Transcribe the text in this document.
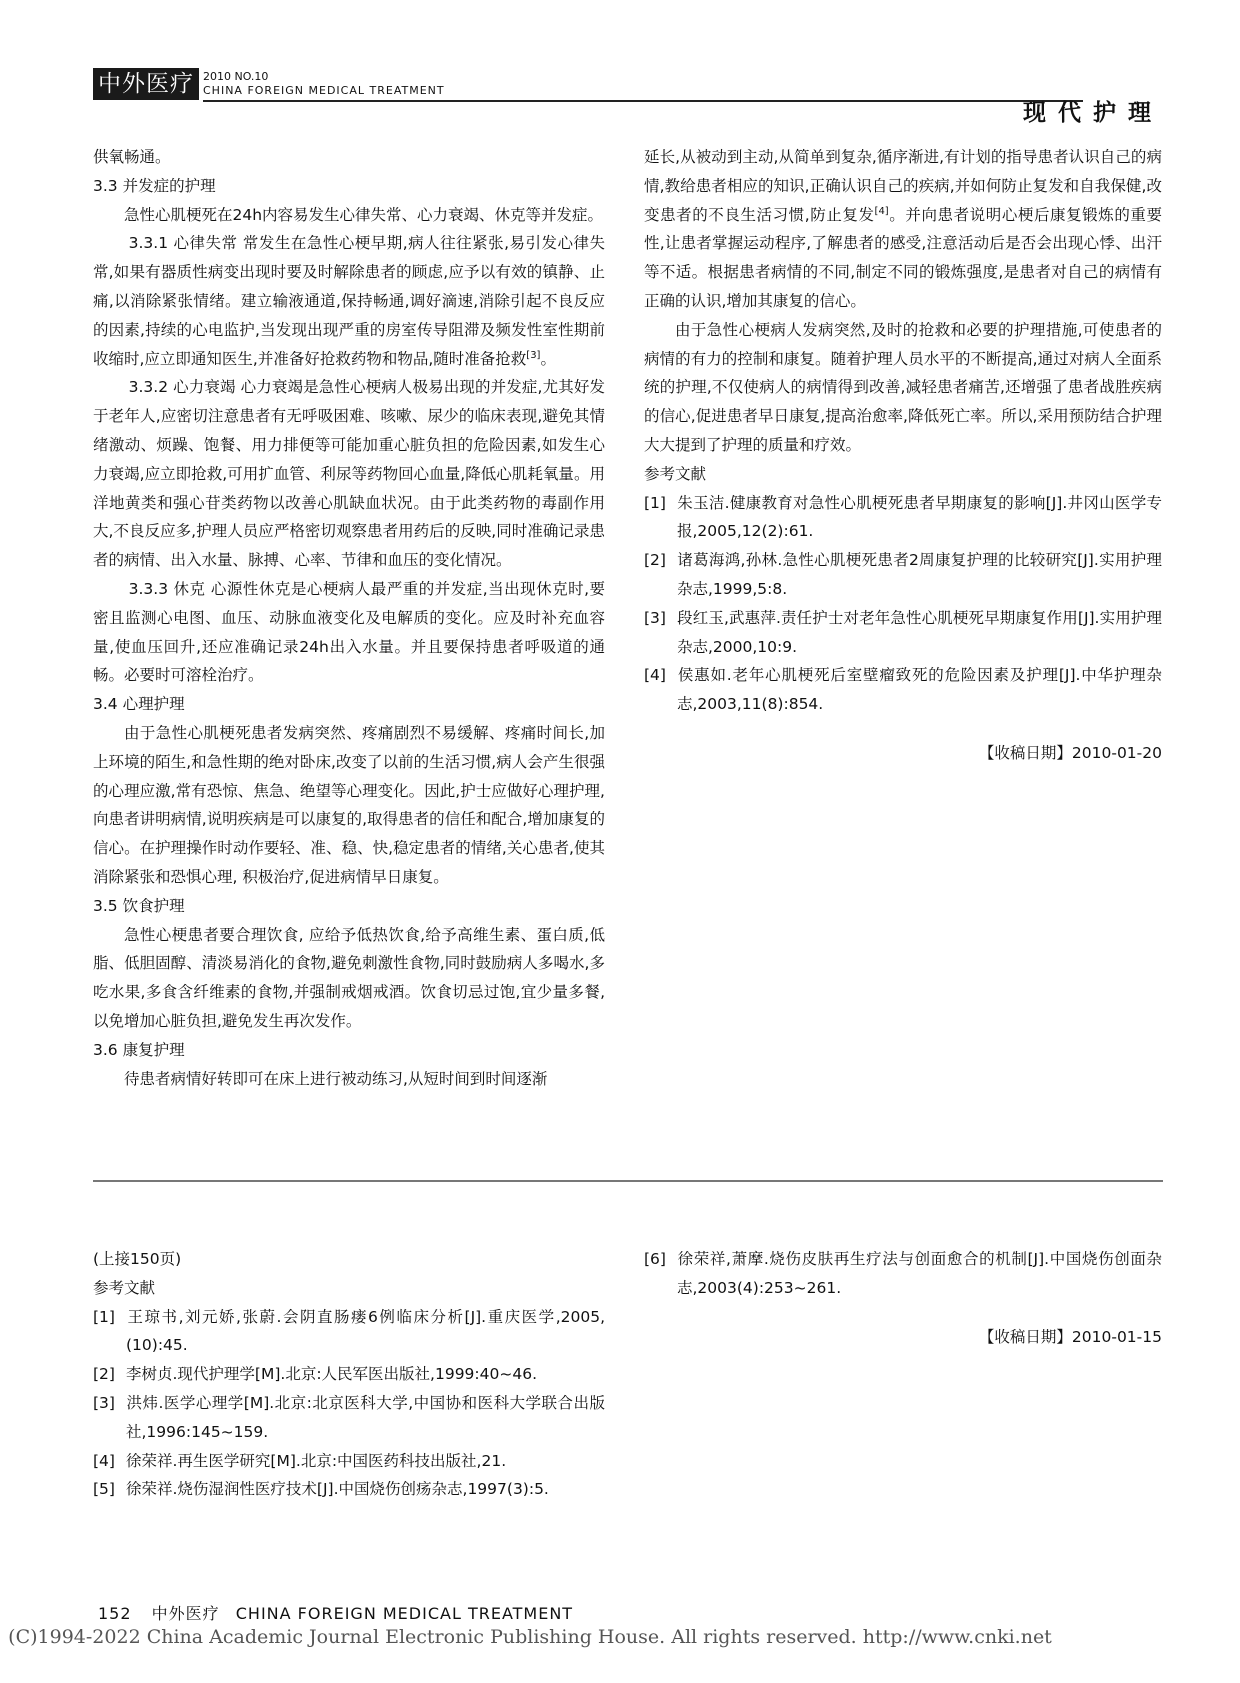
中外医疗 2010 NO.10
CHINA FOREIGN MEDICAL TREATMENT
现代护理

供氧畅通。

3.3 并发症的护理

急性心肌梗死在24h内容易发生心律失常、心力衰竭、休克等并发症。

3.3.1 心律失常 常发生在急性心梗早期,病人往往紧张,易引发心律失常,如果有器质性病变出现时要及时解除患者的顾虑,应予以有效的镇静、止痛,以消除紧张情绪。建立输液通道,保持畅通,调好滴速,消除引起不良反应的因素,持续的心电监护,当发现出现严重的房室传导阻滞及频发性室性期前收缩时,应立即通知医生,并准备好抢救药物和物品,随时准备抢救[3]。

3.3.2 心力衰竭 心力衰竭是急性心梗病人极易出现的并发症,尤其好发于老年人,应密切注意患者有无呼吸困难、咳嗽、尿少的临床表现,避免其情绪激动、烦躁、饱餐、用力排便等可能加重心脏负担的危险因素,如发生心力衰竭,应立即抢救,可用扩血管、利尿等药物回心血量,降低心肌耗氧量。用洋地黄类和强心苷类药物以改善心肌缺血状况。由于此类药物的毒副作用大,不良反应多,护理人员应严格密切观察患者用药后的反映,同时准确记录患者的病情、出入水量、脉搏、心率、节律和血压的变化情况。

3.3.3 休克 心源性休克是心梗病人最严重的并发症,当出现休克时,要密且监测心电图、血压、动脉血液变化及电解质的变化。应及时补充血容量,使血压回升,还应准确记录24h出入水量。并且要保持患者呼吸道的通畅。必要时可溶栓治疗。

3.4 心理护理

由于急性心肌梗死患者发病突然、疼痛剧烈不易缓解、疼痛时间长,加上环境的陌生,和急性期的绝对卧床,改变了以前的生活习惯,病人会产生很强的心理应激,常有恐惊、焦急、绝望等心理变化。因此,护士应做好心理护理,向患者讲明病情,说明疾病是可以康复的,取得患者的信任和配合,增加康复的信心。在护理操作时动作要轻、准、稳、快,稳定患者的情绪,关心患者,使其消除紧张和恐惧心理, 积极治疗,促进病情早日康复。

3.5 饮食护理

急性心梗患者要合理饮食, 应给予低热饮食,给予高维生素、蛋白质,低脂、低胆固醇、清淡易消化的食物,避免刺激性食物,同时鼓励病人多喝水,多吃水果,多食含纤维素的食物,并强制戒烟戒酒。饮食切忌过饱,宜少量多餐,以免增加心脏负担,避免发生再次发作。

3.6 康复护理

待患者病情好转即可在床上进行被动练习,从短时间到时间逐渐

延长,从被动到主动,从简单到复杂,循序渐进,有计划的指导患者认识自己的病情,教给患者相应的知识,正确认识自己的疾病,并如何防止复发和自我保健,改变患者的不良生活习惯,防止复发[4]。并向患者说明心梗后康复锻炼的重要性,让患者掌握运动程序,了解患者的感受,注意活动后是否会出现心悸、出汗等不适。根据患者病情的不同,制定不同的锻炼强度,是患者对自己的病情有正确的认识,增加其康复的信心。

由于急性心梗病人发病突然,及时的抢救和必要的护理措施,可使患者的病情的有力的控制和康复。随着护理人员水平的不断提高,通过对病人全面系统的护理,不仅使病人的病情得到改善,减轻患者痛苦,还增强了患者战胜疾病的信心,促进患者早日康复,提高治愈率,降低死亡率。所以,采用预防结合护理大大提到了护理的质量和疗效。

参考文献

[1] 朱玉洁.健康教育对急性心肌梗死患者早期康复的影响[J].井冈山医学专报,2005,12(2):61.

[2] 诸葛海鸿,孙林.急性心肌梗死患者2周康复护理的比较研究[J].实用护理杂志,1999,5:8.

[3] 段红玉,武惠萍.责任护士对老年急性心肌梗死早期康复作用[J].实用护理杂志,2000,10:9.

[4] 侯惠如.老年心肌梗死后室壁瘤致死的危险因素及护理[J].中华护理杂志,2003,11(8):854.

【收稿日期】2010-01-20

(上接150页)

参考文献

[1] 王琼书,刘元娇,张蔚.会阴直肠瘘6例临床分析[J].重庆医学,2005,(10):45.

[2] 李树贞.现代护理学[M].北京:人民军医出版社,1999:40~46.

[3] 洪炜.医学心理学[M].北京:北京医科大学,中国协和医科大学联合出版社,1996:145~159.

[4] 徐荣祥.再生医学研究[M].北京:中国医药科技出版社,21.

[5] 徐荣祥.烧伤湿润性医疗技术[J].中国烧伤创疡杂志,1997(3):5.

[6] 徐荣祥,萧摩.烧伤皮肤再生疗法与创面愈合的机制[J].中国烧伤创面杂志,2003(4):253~261.

【收稿日期】2010-01-15

152 中外医疗 CHINA FOREIGN MEDICAL TREATMENT
(C)1994-2022 China Academic Journal Electronic Publishing House. All rights reserved. http://www.cnki.net
